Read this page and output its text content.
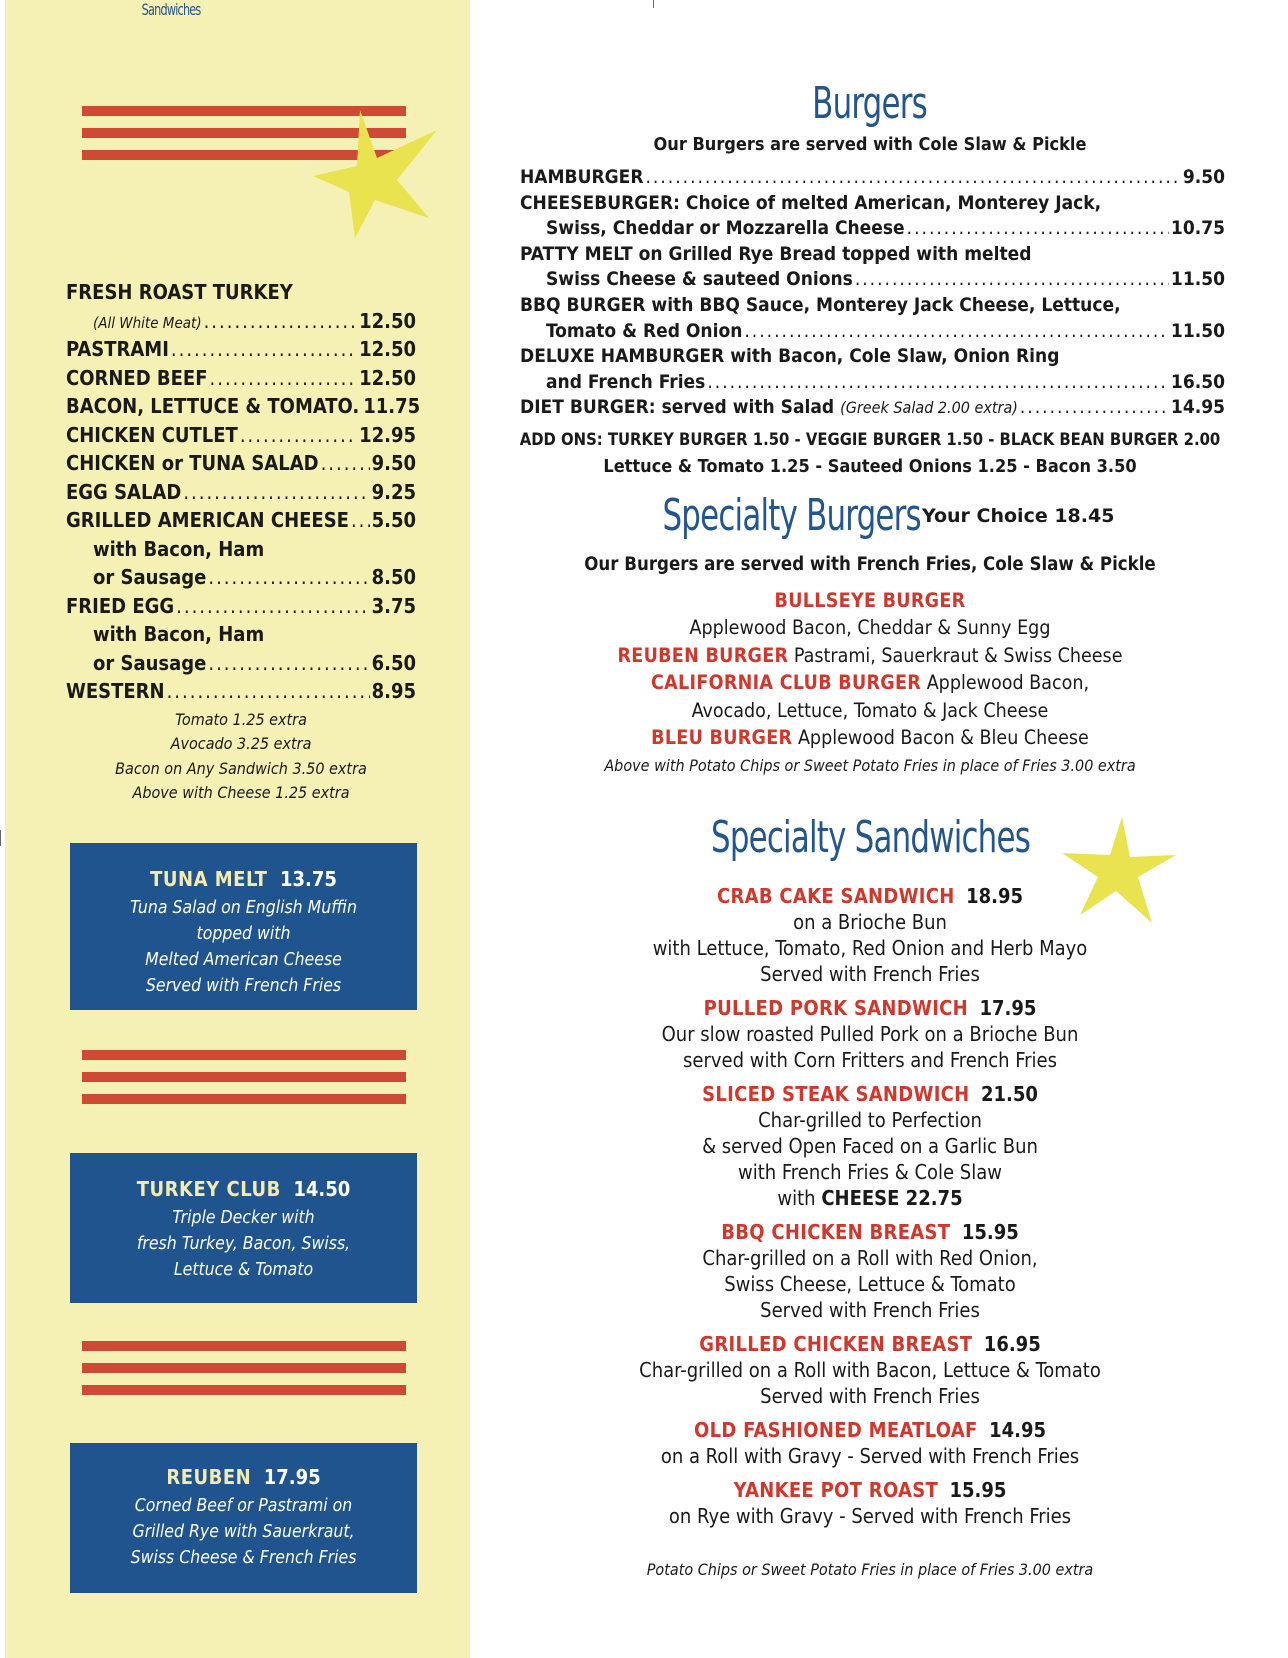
Sandwiches
FRESH ROAST TURKEY
(All White Meat) .....	12.50
PASTRAMI .....	12.50
CORNED BEEF .....	12.50
BACON, LETTUCE & TOMATO. 11.75
CHICKEN CUTLET .....	12.95
CHICKEN or TUNA SALAD .....	9.50
EGG SALAD .....	9.25
GRILLED AMERICAN CHEESE ..... 5.50
with Bacon, Ham
or Sausage .....	8.50
FRIED EGG .....	3.75
with Bacon, Ham
or Sausage .....	6.50
WESTERN .....	8.95
Tomato 1.25 extra
Avocado 3.25 extra
Bacon on Any Sandwich 3.50 extra
Above with Cheese 1.25 extra
TUNA MELT 13.75
Tuna Salad on English Muffin
topped with
Melted American Cheese
Served with French Fries
TURKEY CLUB 14.50
Triple Decker with
fresh Turkey, Bacon, Swiss,
Lettuce & Tomato
REUBEN 17.95
Corned Beef or Pastrami on
Grilled Rye with Sauerkraut,
Swiss Cheese & French Fries
Burgers
Our Burgers are served with Cole Slaw & Pickle
HAMBURGER .....	9.50
CHEESEBURGER: Choice of melted American, Monterey Jack,
Swiss, Cheddar or Mozzarella Cheese .....	10.75
PATTY MELT on Grilled Rye Bread topped with melted
Swiss Cheese & sauteed Onions .....	11.50
BBQ BURGER with BBQ Sauce, Monterey Jack Cheese, Lettuce,
Tomato & Red Onion .....	11.50
DELUXE HAMBURGER with Bacon, Cole Slaw, Onion Ring
and French Fries .....	16.50
DIET BURGER: served with Salad (Greek Salad 2.00 extra) .....	14.95
ADD ONS: TURKEY BURGER 1.50 - VEGGIE BURGER 1.50 - BLACK BEAN BURGER 2.00
Lettuce & Tomato 1.25 - Sauteed Onions 1.25 - Bacon 3.50
Specialty Burgers Your Choice 18.45
Our Burgers are served with French Fries, Cole Slaw & Pickle
BULLSEYE BURGER
Applewood Bacon, Cheddar & Sunny Egg
REUBEN BURGER Pastrami, Sauerkraut & Swiss Cheese
CALIFORNIA CLUB BURGER Applewood Bacon,
Avocado, Lettuce, Tomato & Jack Cheese
BLEU BURGER Applewood Bacon & Bleu Cheese
Above with Potato Chips or Sweet Potato Fries in place of Fries 3.00 extra
Specialty Sandwiches
CRAB CAKE SANDWICH 18.95
on a Brioche Bun
with Lettuce, Tomato, Red Onion and Herb Mayo
Served with French Fries
PULLED PORK SANDWICH 17.95
Our slow roasted Pulled Pork on a Brioche Bun
served with Corn Fritters and French Fries
SLICED STEAK SANDWICH 21.50
Char-grilled to Perfection
& served Open Faced on a Garlic Bun
with French Fries & Cole Slaw
with CHEESE 22.75
BBQ CHICKEN BREAST 15.95
Char-grilled on a Roll with Red Onion,
Swiss Cheese, Lettuce & Tomato
Served with French Fries
GRILLED CHICKEN BREAST 16.95
Char-grilled on a Roll with Bacon, Lettuce & Tomato
Served with French Fries
OLD FASHIONED MEATLOAF 14.95
on a Roll with Gravy - Served with French Fries
YANKEE POT ROAST 15.95
on Rye with Gravy - Served with French Fries
Potato Chips or Sweet Potato Fries in place of Fries 3.00 extra
